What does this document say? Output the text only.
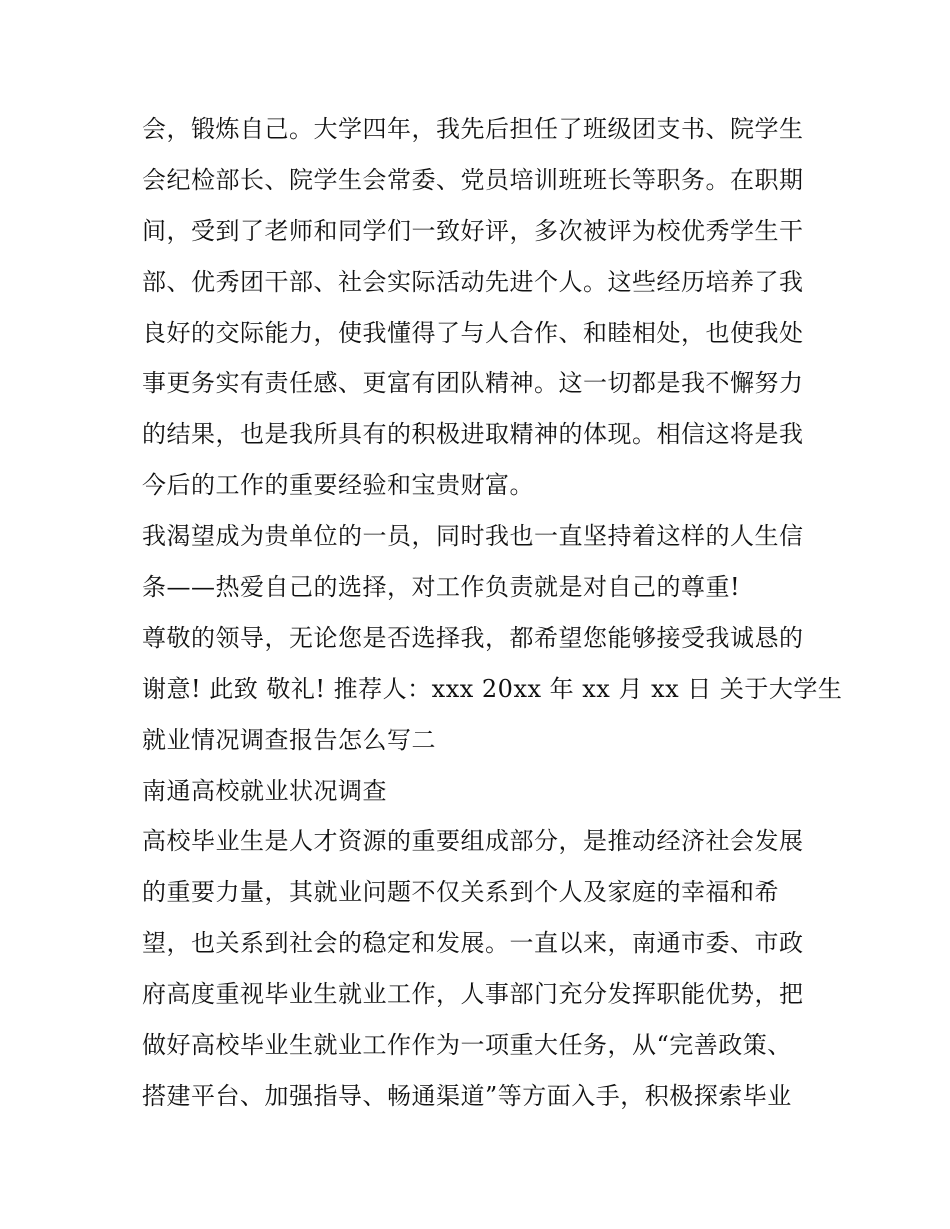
会，锻炼自己。大学四年，我先后担任了班级团支书、院学生
会纪检部长、院学生会常委、党员培训班班长等职务。在职期
间，受到了老师和同学们一致好评，多次被评为校优秀学生干
部、优秀团干部、社会实际活动先进个人。这些经历培养了我
良好的交际能力，使我懂得了与人合作、和睦相处，也使我处
事更务实有责任感、更富有团队精神。这一切都是我不懈努力
的结果，也是我所具有的积极进取精神的体现。相信这将是我
今后的工作的重要经验和宝贵财富。
我渴望成为贵单位的一员，同时我也一直坚持着这样的人生信
条——热爱自己的选择，对工作负责就是对自己的尊重!
尊敬的领导，无论您是否选择我，都希望您能够接受我诚恳的
谢意! 此致 敬礼! 推荐人：xxx 20xx 年 xx 月 xx 日 关于大学生
就业情况调查报告怎么写二
南通高校就业状况调查
高校毕业生是人才资源的重要组成部分，是推动经济社会发展
的重要力量，其就业问题不仅关系到个人及家庭的幸福和希
望，也关系到社会的稳定和发展。一直以来，南通市委、市政
府高度重视毕业生就业工作，人事部门充分发挥职能优势，把
做好高校毕业生就业工作作为一项重大任务，从“完善政策、
搭建平台、加强指导、畅通渠道”等方面入手，积极探索毕业
